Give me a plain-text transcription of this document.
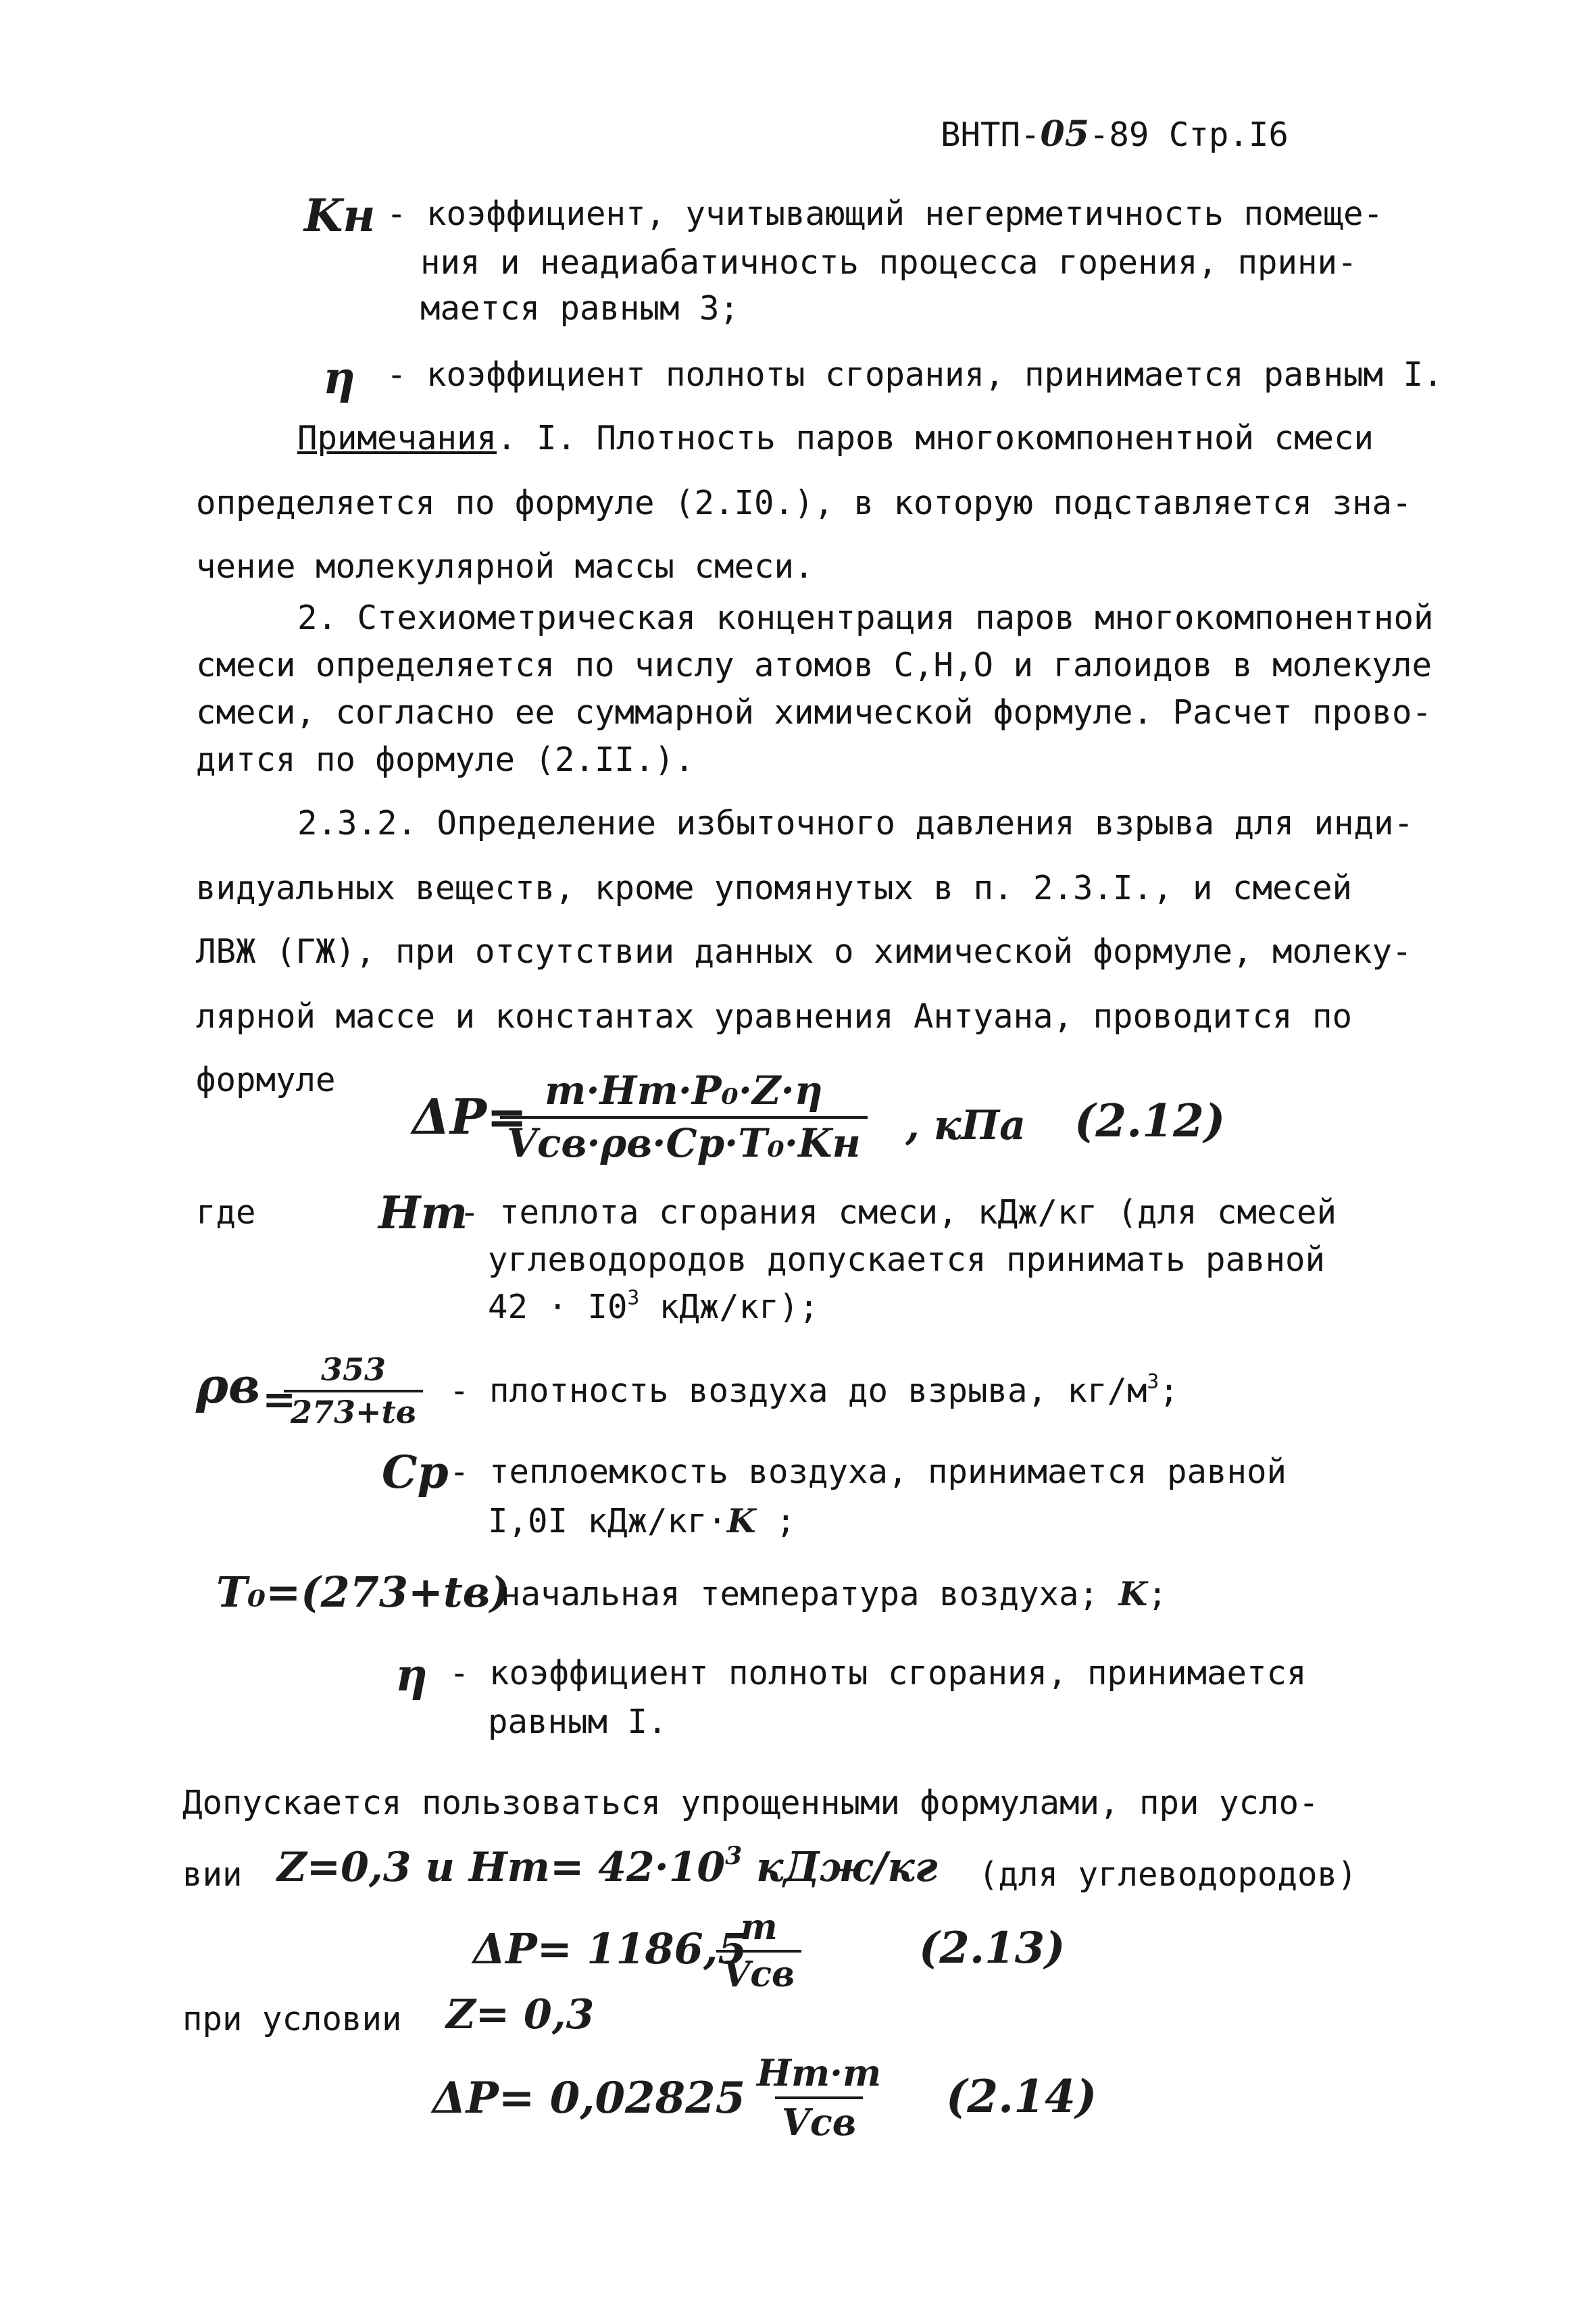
ВНТП-05-89 Стр.I6
Kн - коэффициент, учитывающий негерметичность помеще-
ния и неадиабатичность процесса горения, прини-
мается равным 3;
η - коэффициент полноты сгорания, принимается равным I.
Примечания. I. Плотность паров многокомпонентной смеси
определяется по формуле (2.I0.), в которую подставляется зна-
чение молекулярной массы смеси.
2. Стехиометрическая концентрация паров многокомпонентной
смеси определяется по числу атомов С,Н,О и галоидов в молекуле
смеси, согласно ее суммарной химической формуле. Расчет прово-
дится по формуле (2.II.).
2.3.2. Определение избыточного давления взрыва для инди-
видуальных веществ, кроме упомянутых в п. 2.3.I., и смесей
ЛВЖ (ГЖ), при отсутствии данных о химической формуле, молеку-
лярной массе и константах уравнения Антуана, проводится по
формуле
ΔP= m·Hт·P₀·Z·η
Vсв·ρв·Cp·T₀·Kн , кПа (2.12)
где	Hт
- теплота сгорания смеси, кДж/кг (для смесей
углеводородов допускается принимать равной
$42 \cdot I0^3$ кДж/кг);
ρв =
353
273+tв
- плотность воздуха до взрыва, $кг/м^3$;
Cp - теплоемкость воздуха, принимается равной
I,0I кДж/кг·K ;
T₀=(273+tв)
- начальная температура воздуха; K;
η - коэффициент полноты сгорания, принимается
равным I.
Допускается пользоваться упрощенными формулами, при усло-
вии Z=0,3 и $Hт= 42\cdot 10^3$ кДж/кг (для углеводородов)
ΔP= 1186,5
m
Vсв
(2.13)
при условии Z= 0,3
ΔP= 0,02825 Hт·m
Vсв (2.14)
